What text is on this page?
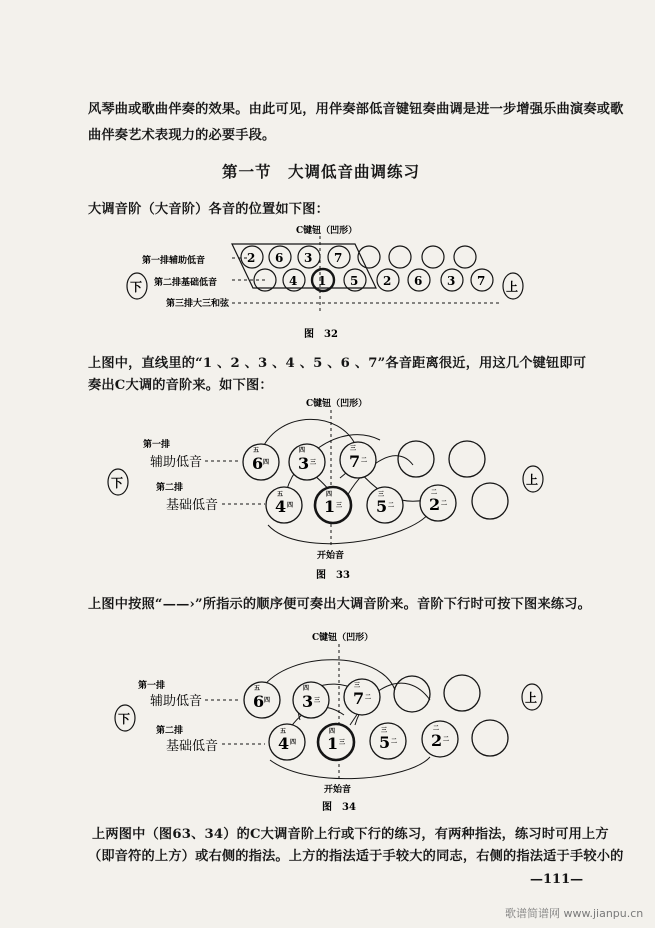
风琴曲或歌曲伴奏的效果。由此可见，用伴奏部低音键钮奏曲调是进一步增强乐曲演奏或歌
曲伴奏艺术表现力的必要手段。
第一节　大调低音曲调练习
大调音阶（大音阶）各音的位置如下图：
C键钮（凹形）
第一排辅助低音
第二排基础低音
第三排大三和弦
下	上
2 6 3 7
4 1 5 2 6 3 7
图　32
上图中，直线里的“1 、2 、3 、4 、5 、6 、7”各音距离很近，用这几个键钮即可
奏出C大调的音阶来。如下图：
C键钮（凹形）
第一排
辅助低音
第二排
基础低音
下	上
6
五
四 3
四
三 7
三
二
4
五
四 1
四
三 5
三
二 2
二
二
开始音
图　33
上图中按照“——›”所指示的顺序便可奏出大调音阶来。音阶下行时可按下图来练习。
C键钮（凹形）
第一排
辅助低音
第二排
基础低音
下
上
6
五
四 3
四
三 7
三
二
4
五
四 1
四
三 5
三
二 2
二
二
开始音
图　34
上两图中（图63、34）的C大调音阶上行或下行的练习，有两种指法，练习时可用上方
（即音符的上方）或右侧的指法。上方的指法适于手较大的同志，右侧的指法适于手较小的
—111—
歌谱简谱网 www.jianpu.cn
